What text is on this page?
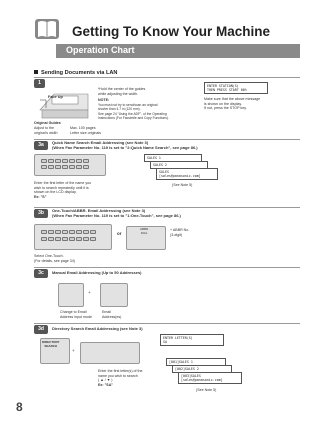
Getting To Know Your Machine
Operation Chart
Sending Documents via LAN
1
Face Up
Original Guides
Adjust to the
original's width
Max. 100 pages
Letter size originals
*Hold the center of the guides
while adjusting the width.
NOTE:
You must not try to send/scan an original
shorter than 4.7 in (120 mm).
See page 24 "Using the ADF", of the Operating
Instructions (For Facsimile and Copy Functions).
ENTER STATION(S)
THEN PRESS START 00%
Make sure that the above message
is shown on the display.
If not, press the STOP key.
3a	Quick Name Search Email Addressing (see Note 3)
(When Fax Parameter No. 119 is set to "2:Quick Name Search", see page 86.)
Enter the first letter of the name you
wish to search repeatedly until it is
shown on the LCD display.
Ex: "S"
SALES 1
SALES 2
SALES
[sales@panasonic.com]
(See Note 5)
3b	One-Touch/ABBR. Email Addressing (see Note 3)
(When Fax Parameter No. 119 is set to "1:One-Touch", see page 86.)
or
ABBR
DIAL
+ ABBR No.
(3-digit)
Select One-Touch.
(For details, see page 34)
3c	Manual Email Addressing (Up to 50 Addresses)
+
Change to Email
Address input mode
Email
Address(es)
3d	Directory Search Email Addressing (see Note 3)
DIRECTORY
SEARCH
+
Enter the first letter(s) of the
name you wish to search
( ▲ / ▼ )
Ex: "SA"
ENTER LETTER(S)
SA
[001]SALES 1
[002]SALES 2
[003]SALES
[sales@panasonic.com]
(See Note 5)
8
